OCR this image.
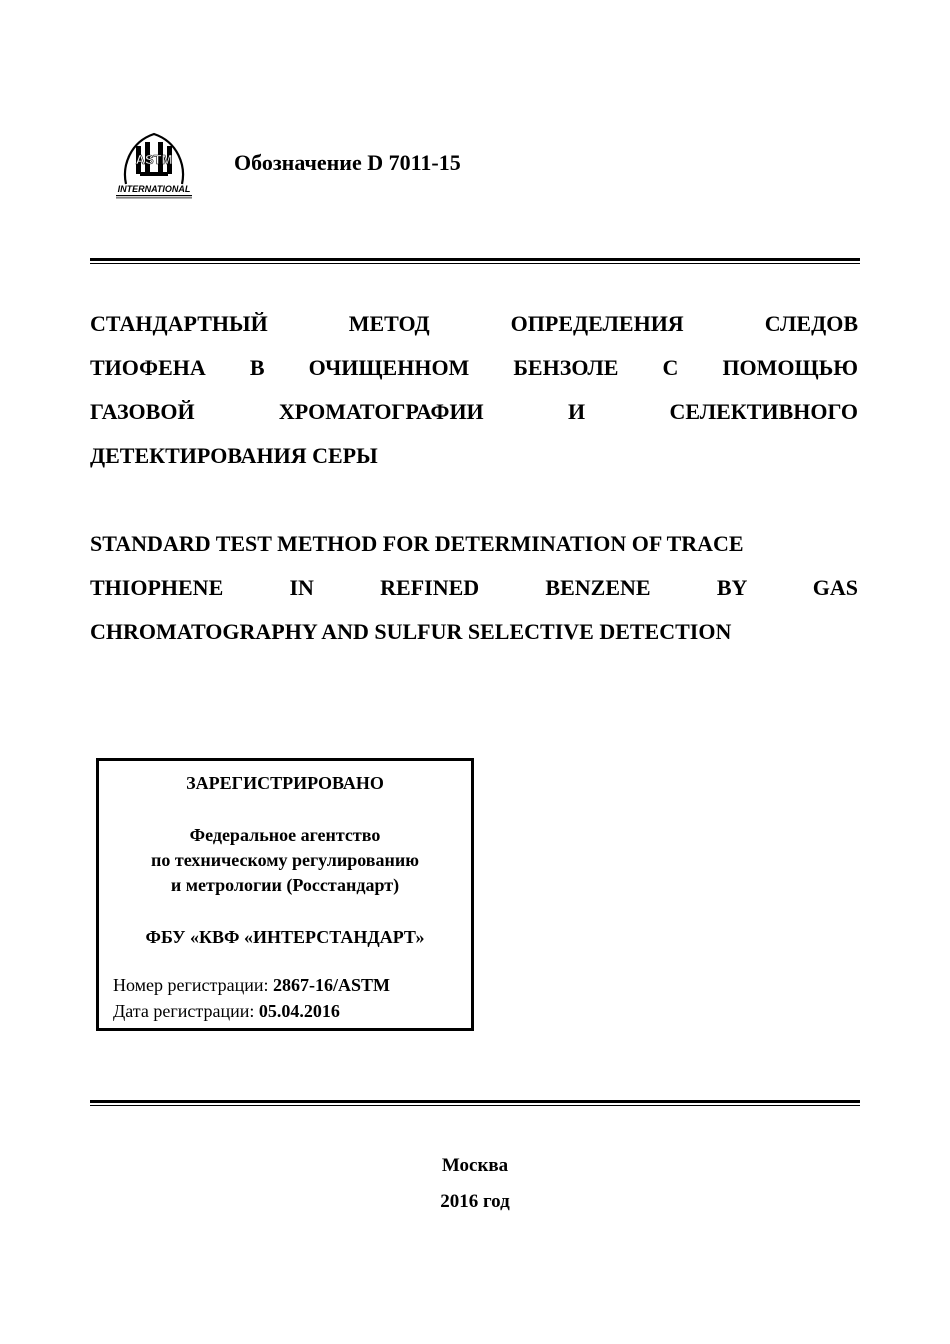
ASTM
INTERNATIONAL
Обозначение D 7011-15
СТАНДАРТНЫЙ	МЕТОД	ОПРЕДЕЛЕНИЯ	СЛЕДОВ
ТИОФЕНА В ОЧИЩЕННОМ БЕНЗОЛЕ С ПОМОЩЬЮ
ГАЗОВОЙ	ХРОМАТОГРАФИИ	И	СЕЛЕКТИВНОГО
ДЕТЕКТИРОВАНИЯ СЕРЫ
STANDARD TEST METHOD FOR DETERMINATION OF TRACE
THIOPHENE	IN	REFINED	BENZENE	BY	GAS
CHROMATOGRAPHY AND SULFUR SELECTIVE DETECTION
ЗАРЕГИСТРИРОВАНО
Федеральное агентство
по техническому регулированию
и метрологии (Росстандарт)
ФБУ «КВФ «ИНТЕРСТАНДАРТ»
Номер регистрации: 2867-16/ASTM
Дата регистрации: 05.04.2016
Москва
2016 год
